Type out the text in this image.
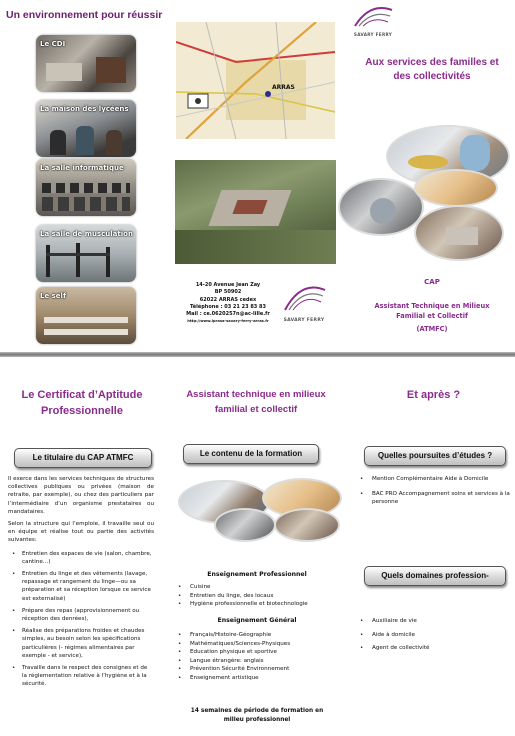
Un environnement pour réussir
Le CDI
La maison des lycéens
La salle informatique
La salle de musculation
Le self
ARRAS
14-20 Avenue Jean Zay
BP 50902
62022 ARRAS cedex
Téléphone : 03 21 23 83 83
Mail : ce.0620257n@ac-lille.fr
http://www.lprasa-savary-ferry-arras.fr	SAVARY FERRY
SAVARY FERRY
Aux services des familles et des collectivités
CAP
Assistant Technique en Milieux Familial et Collectif
(ATMFC)
Le Certificat d’Aptitude Professionnelle
Le titulaire du CAP ATMFC

Il exerce dans les services techniques de structures collectives publiques ou privées (maison de retraite, par exemple), ou chez des particuliers par l’intermédiaire d’un organisme prestataires ou mandataires.

Selon la structure qui l’emploie, il travaille seul ou en équipe et réalise tout ou partie des activités suivantes:

• Entretien des espaces de vie (salon, chambre, cantine…)
• Entretien du linge et des vêtements (lavage, repassage et rangement du linge—ou sa préparation et sa réception lorsque ce service est externalisé)
• Prépare des repas (approvisionnement ou réception des denrées),
• Réalise des préparations froides et chaudes simples, au besoin selon les spécifications particulières (- régimes alimentaires par exemple - et service),
• Travaille dans le respect des consignes et de la réglementation relative à l’hygiène et à la sécurité.
Assistant technique en milieux familial et collectif
Le contenu de la formation
Enseignement Professionnel
• Cuisine
• Entretien du linge, des locaux
• Hygiène professionnelle et biotechnologie
Enseignement Général
• Français/Histoire-Géographie
• Mathématiques/Sciences-Physiques
• Education physique et sportive
• Langue étrangère: anglais
• Prévention Sécurité Environnement
• Enseignement artistique
14 semaines de période de formation en milieu professionnel
Et après ?
Quelles poursuites d’études ?
• Mention Complémentaire Aide à Domicile
• BAC PRO Accompagnement soins et services à la personne
Quels domaines profession-
• Auxiliaire de vie
• Aide à domicile
• Agent de collectivité
